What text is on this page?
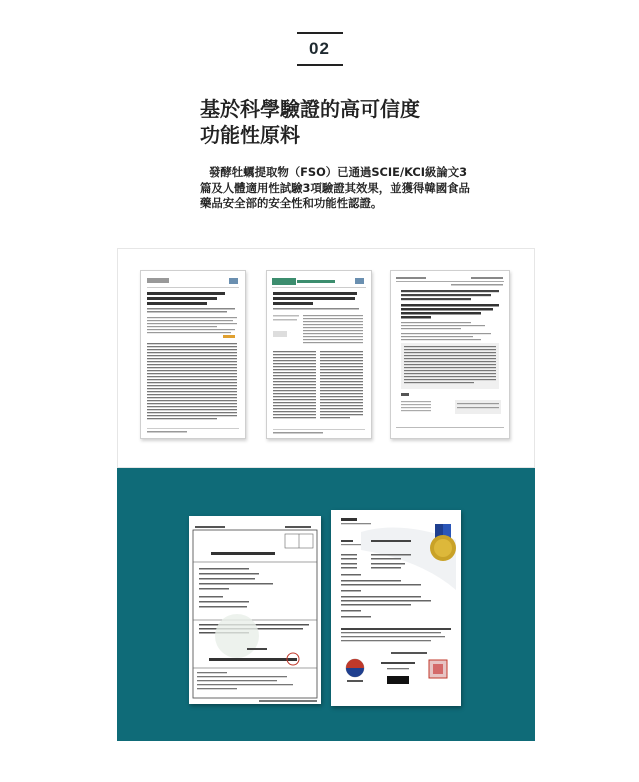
02
基於科學驗證的高可信度
功能性原料

發酵牡蠣提取物（FSO）已通過SCIE/KCI級論文3篇及人體適用性試驗3項驗證其效果，並獲得韓國食品藥品安全部的安全性和功能性認證。
